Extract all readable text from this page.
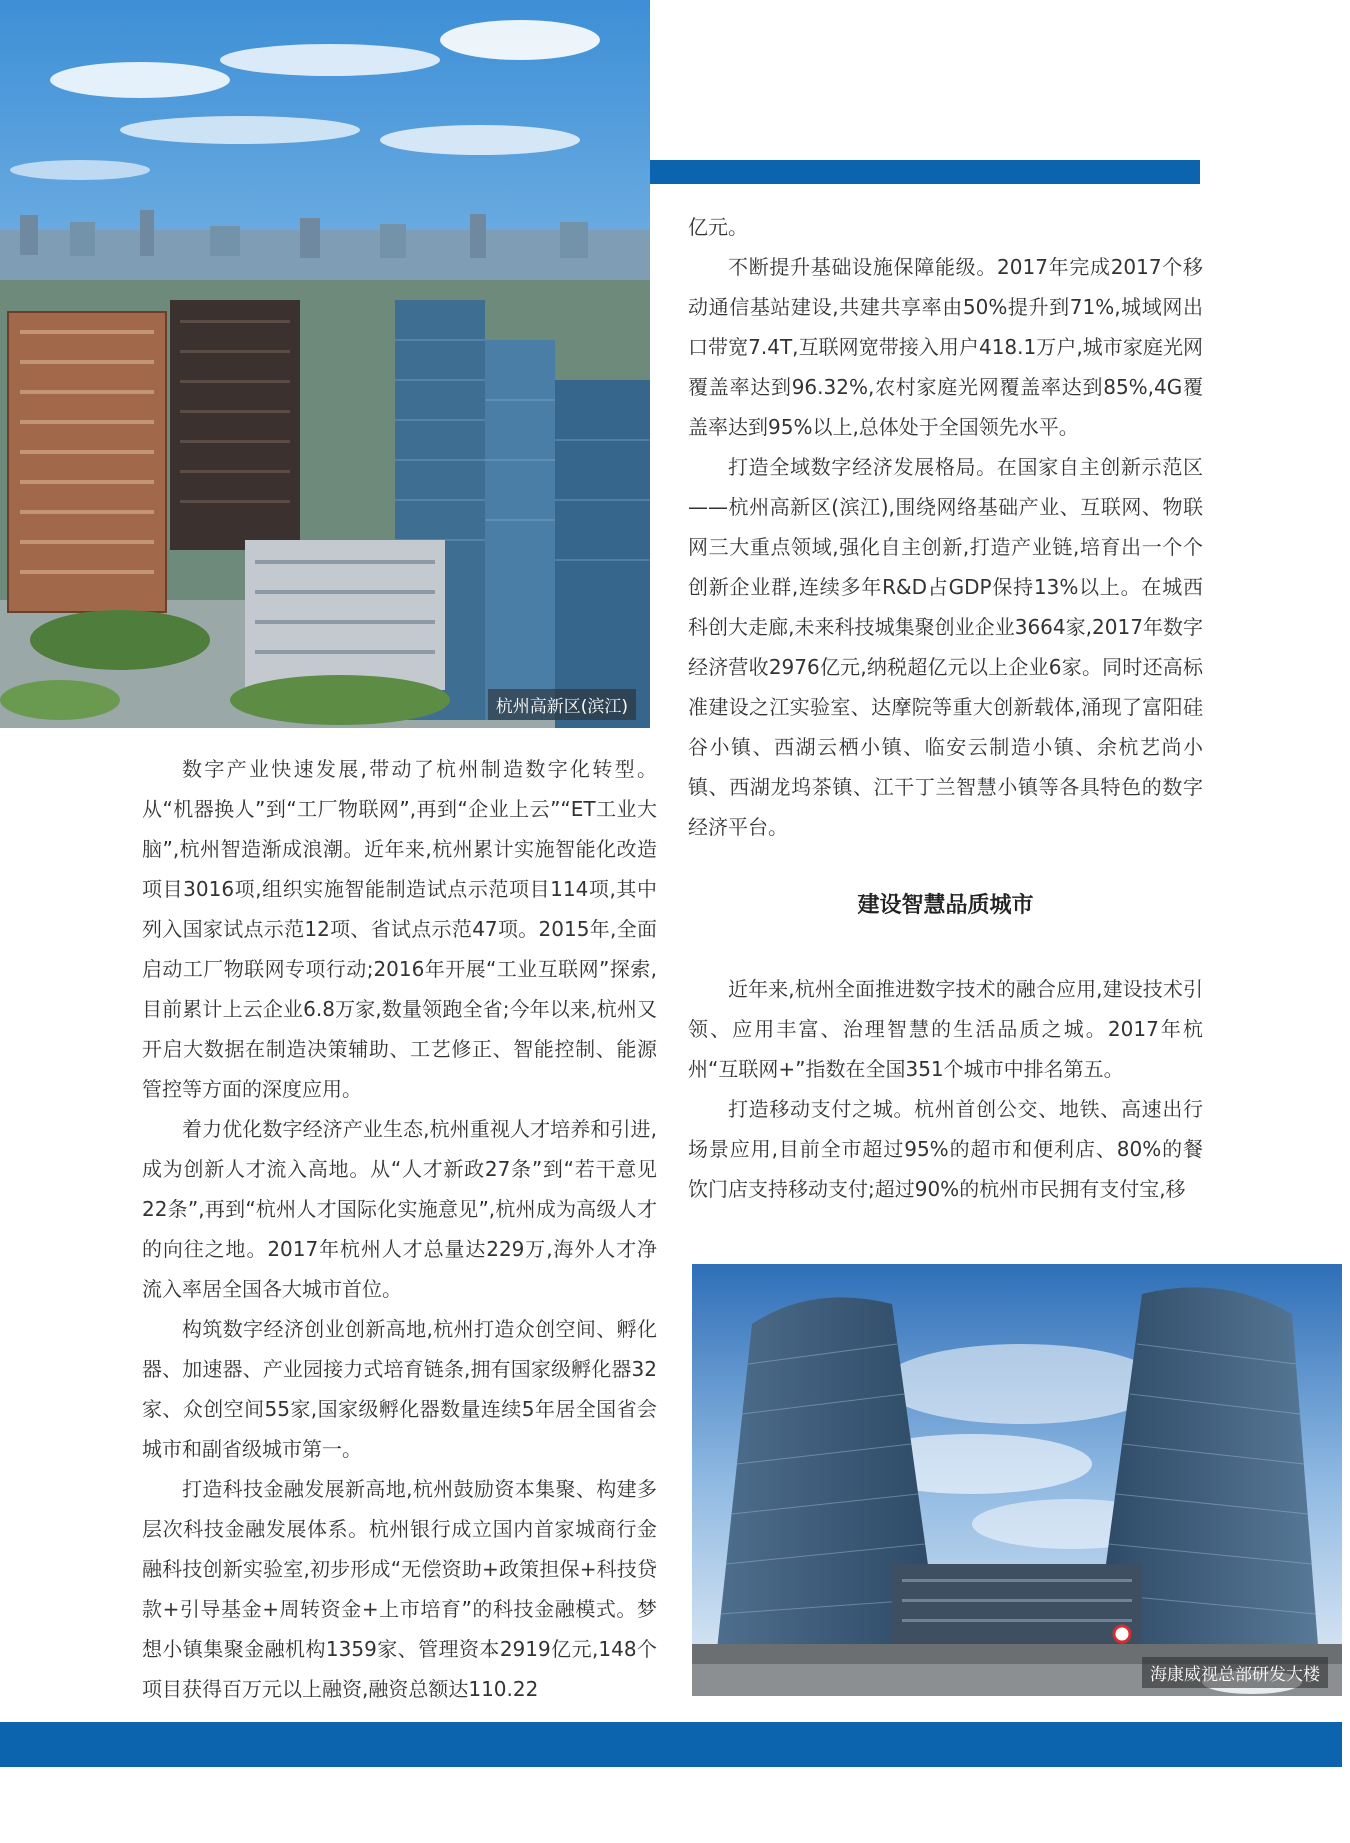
杭州高新区(滨江)

亿元。

不断提升基础设施保障能级。2017年完成2017个移动通信基站建设,共建共享率由50%提升到71%,城域网出口带宽7.4T,互联网宽带接入用户418.1万户,城市家庭光网覆盖率达到96.32%,农村家庭光网覆盖率达到85%,4G覆盖率达到95%以上,总体处于全国领先水平。

打造全域数字经济发展格局。在国家自主创新示范区——杭州高新区(滨江),围绕网络基础产业、互联网、物联网三大重点领域,强化自主创新,打造产业链,培育出一个个创新企业群,连续多年R&D占GDP保持13%以上。在城西科创大走廊,未来科技城集聚创业企业3664家,2017年数字经济营收2976亿元,纳税超亿元以上企业6家。同时还高标准建设之江实验室、达摩院等重大创新载体,涌现了富阳硅谷小镇、西湖云栖小镇、临安云制造小镇、余杭艺尚小镇、西湖龙坞茶镇、江干丁兰智慧小镇等各具特色的数字经济平台。

建设智慧品质城市

近年来,杭州全面推进数字技术的融合应用,建设技术引领、应用丰富、治理智慧的生活品质之城。2017年杭州“互联网+”指数在全国351个城市中排名第五。

打造移动支付之城。杭州首创公交、地铁、高速出行场景应用,目前全市超过95%的超市和便利店、80%的餐饮门店支持移动支付;超过90%的杭州市民拥有支付宝,移

数字产业快速发展,带动了杭州制造数字化转型。从“机器换人”到“工厂物联网”,再到“企业上云”“ET工业大脑”,杭州智造渐成浪潮。近年来,杭州累计实施智能化改造项目3016项,组织实施智能制造试点示范项目114项,其中列入国家试点示范12项、省试点示范47项。2015年,全面启动工厂物联网专项行动;2016年开展“工业互联网”探索,目前累计上云企业6.8万家,数量领跑全省;今年以来,杭州又开启大数据在制造决策辅助、工艺修正、智能控制、能源管控等方面的深度应用。

着力优化数字经济产业生态,杭州重视人才培养和引进,成为创新人才流入高地。从“人才新政27条”到“若干意见22条”,再到“杭州人才国际化实施意见”,杭州成为高级人才的向往之地。2017年杭州人才总量达229万,海外人才净流入率居全国各大城市首位。

构筑数字经济创业创新高地,杭州打造众创空间、孵化器、加速器、产业园接力式培育链条,拥有国家级孵化器32家、众创空间55家,国家级孵化器数量连续5年居全国省会城市和副省级城市第一。

打造科技金融发展新高地,杭州鼓励资本集聚、构建多层次科技金融发展体系。杭州银行成立国内首家城商行金融科技创新实验室,初步形成“无偿资助+政策担保+科技贷款+引导基金+周转资金+上市培育”的科技金融模式。梦想小镇集聚金融机构1359家、管理资本2919亿元,148个项目获得百万元以上融资,融资总额达110.22

海康威视总部研发大楼
